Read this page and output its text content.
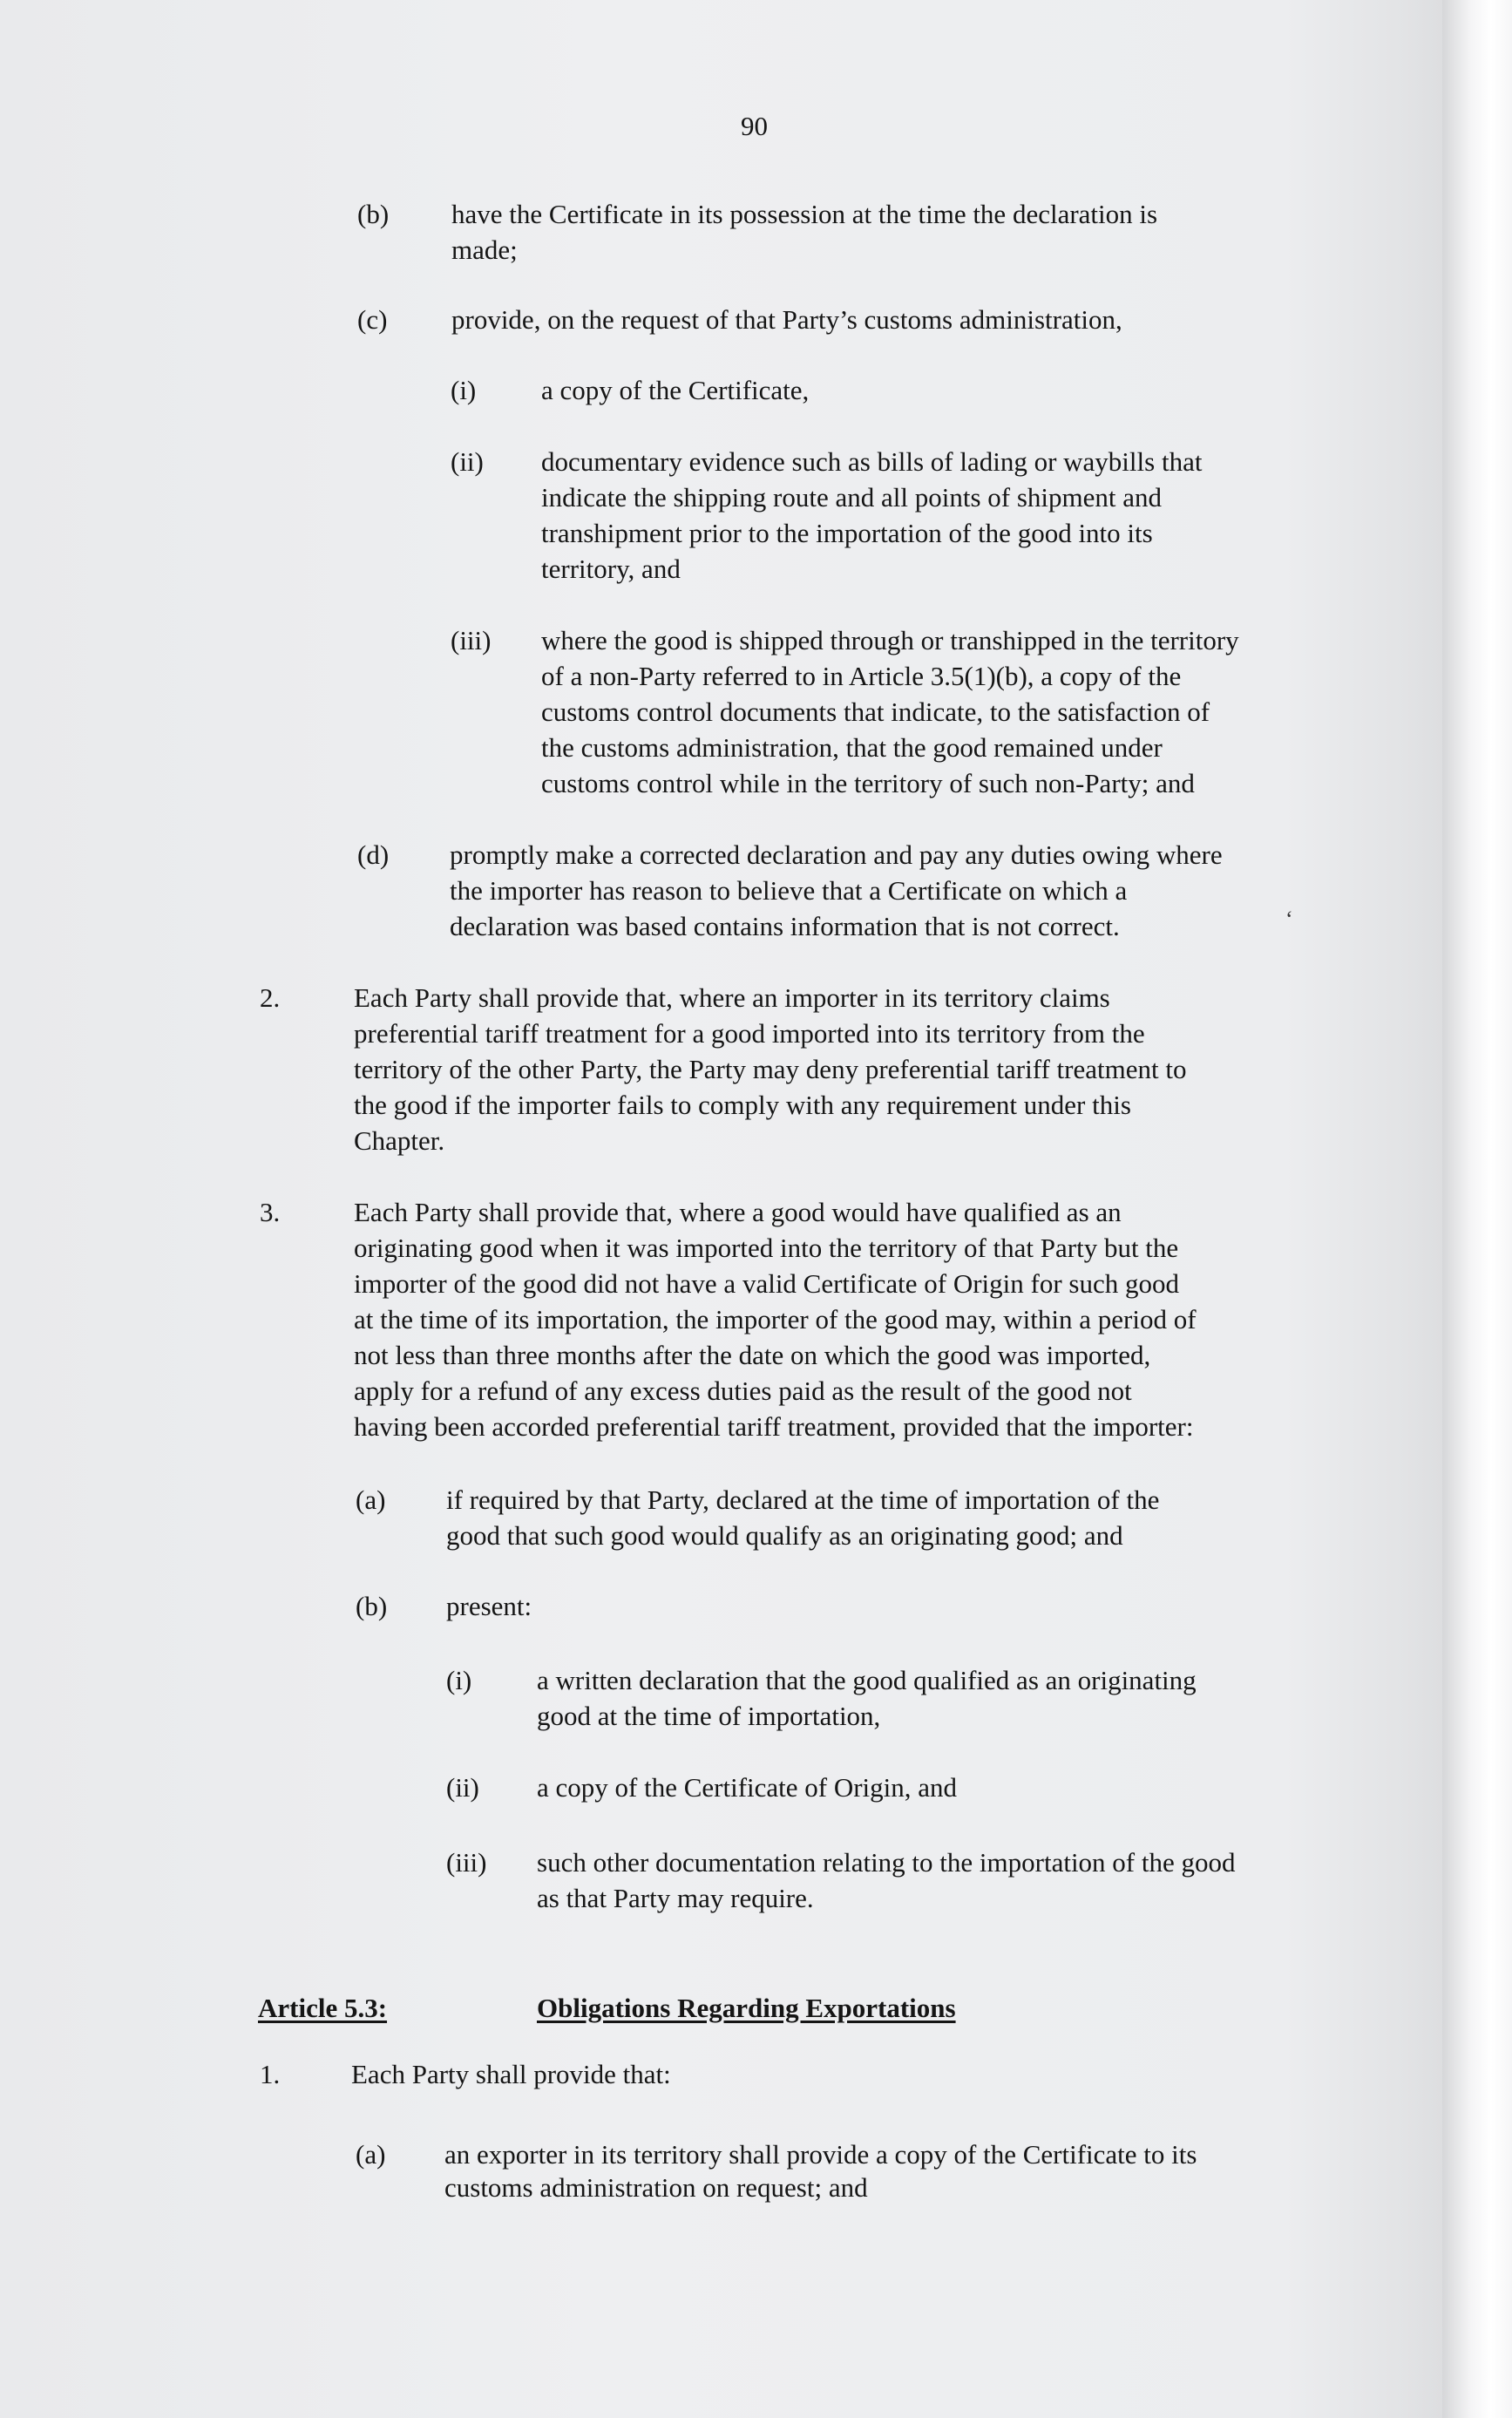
90
(b) have the Certificate in its possession at the time the declaration is
made;
(c) provide, on the request of that Party’s customs administration,
(i) a copy of the Certificate,
(ii) documentary evidence such as bills of lading or waybills that
indicate the shipping route and all points of shipment and
transhipment prior to the importation of the good into its
territory, and
(iii) where the good is shipped through or transhipped in the territory
of a non-Party referred to in Article 3.5(1)(b), a copy of the
customs control documents that indicate, to the satisfaction of
the customs administration, that the good remained under
customs control while in the territory of such non-Party; and
(d) promptly make a corrected declaration and pay any duties owing where
the importer has reason to believe that a Certificate on which a
declaration was based contains information that is not correct.	‘
2.	Each Party shall provide that, where an importer in its territory claims
preferential tariff treatment for a good imported into its territory from the
territory of the other Party, the Party may deny preferential tariff treatment to
the good if the importer fails to comply with any requirement under this
Chapter.
3.	Each Party shall provide that, where a good would have qualified as an
originating good when it was imported into the territory of that Party but the
importer of the good did not have a valid Certificate of Origin for such good
at the time of its importation, the importer of the good may, within a period of
not less than three months after the date on which the good was imported,
apply for a refund of any excess duties paid as the result of the good not
having been accorded preferential tariff treatment, provided that the importer:
(a) if required by that Party, declared at the time of importation of the
good that such good would qualify as an originating good; and
(b) present:
(i) a written declaration that the good qualified as an originating
good at the time of importation,
(ii) a copy of the Certificate of Origin, and
(iii) such other documentation relating to the importation of the good
as that Party may require.
Article 5.3:	Obligations Regarding Exportations
1.	Each Party shall provide that:
(a) an exporter in its territory shall provide a copy of the Certificate to its
customs administration on request; and
